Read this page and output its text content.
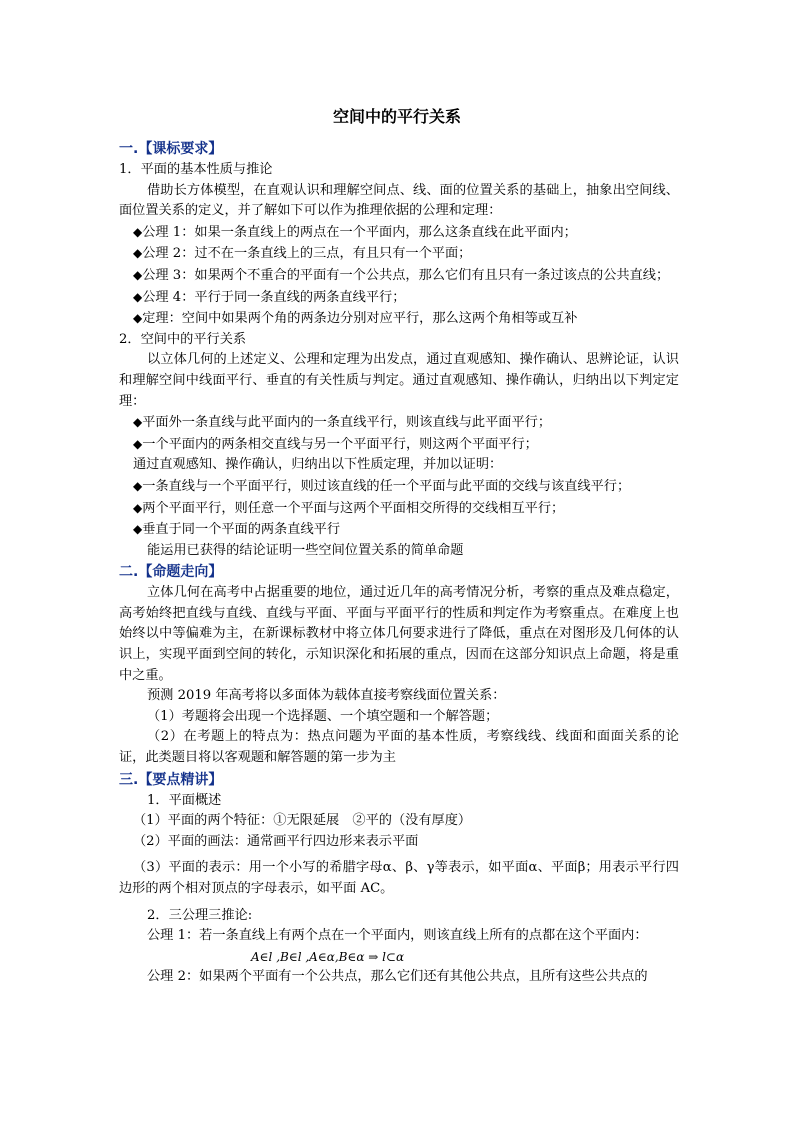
空间中的平行关系

一.【课标要求】

1．平面的基本性质与推论

借助长方体模型，在直观认识和理解空间点、线、面的位置关系的基础上，抽象出空间线、面位置关系的定义，并了解如下可以作为推理依据的公理和定理：

◆公理 1：如果一条直线上的两点在一个平面内，那么这条直线在此平面内；

◆公理 2：过不在一条直线上的三点，有且只有一个平面；

◆公理 3：如果两个不重合的平面有一个公共点，那么它们有且只有一条过该点的公共直线；

◆公理 4：平行于同一条直线的两条直线平行；

◆定理：空间中如果两个角的两条边分别对应平行，那么这两个角相等或互补

2．空间中的平行关系

以立体几何的上述定义、公理和定理为出发点，通过直观感知、操作确认、思辨论证，认识和理解空间中线面平行、垂直的有关性质与判定。通过直观感知、操作确认，归纳出以下判定定理：

◆平面外一条直线与此平面内的一条直线平行，则该直线与此平面平行；

◆一个平面内的两条相交直线与另一个平面平行，则这两个平面平行；

通过直观感知、操作确认，归纳出以下性质定理，并加以证明：

◆一条直线与一个平面平行，则过该直线的任一个平面与此平面的交线与该直线平行；

◆两个平面平行，则任意一个平面与这两个平面相交所得的交线相互平行；

◆垂直于同一个平面的两条直线平行

能运用已获得的结论证明一些空间位置关系的简单命题

二.【命题走向】

立体几何在高考中占据重要的地位，通过近几年的高考情况分析，考察的重点及难点稳定，高考始终把直线与直线、直线与平面、平面与平面平行的性质和判定作为考察重点。在难度上也始终以中等偏难为主，在新课标教材中将立体几何要求进行了降低，重点在对图形及几何体的认识上，实现平面到空间的转化，示知识深化和拓展的重点，因而在这部分知识点上命题，将是重中之重。

预测 2019 年高考将以多面体为载体直接考察线面位置关系：

（1）考题将会出现一个选择题、一个填空题和一个解答题；

（2）在考题上的特点为：热点问题为平面的基本性质，考察线线、线面和面面关系的论证，此类题目将以客观题和解答题的第一步为主

三.【要点精讲】

1．平面概述

（1）平面的两个特征：①无限延展　②平的（没有厚度）

（2）平面的画法：通常画平行四边形来表示平面

（3）平面的表示：用一个小写的希腊字母α、β、γ等表示，如平面α、平面β；用表示平行四边形的两个相对顶点的字母表示，如平面 AC。

2．三公理三推论:

公理 1：若一条直线上有两个点在一个平面内，则该直线上所有的点都在这个平面内：

A∈l ,B∈l ,A∈α,B∈α ⇒ l⊂α

公理 2：如果两个平面有一个公共点，那么它们还有其他公共点，且所有这些公共点的
